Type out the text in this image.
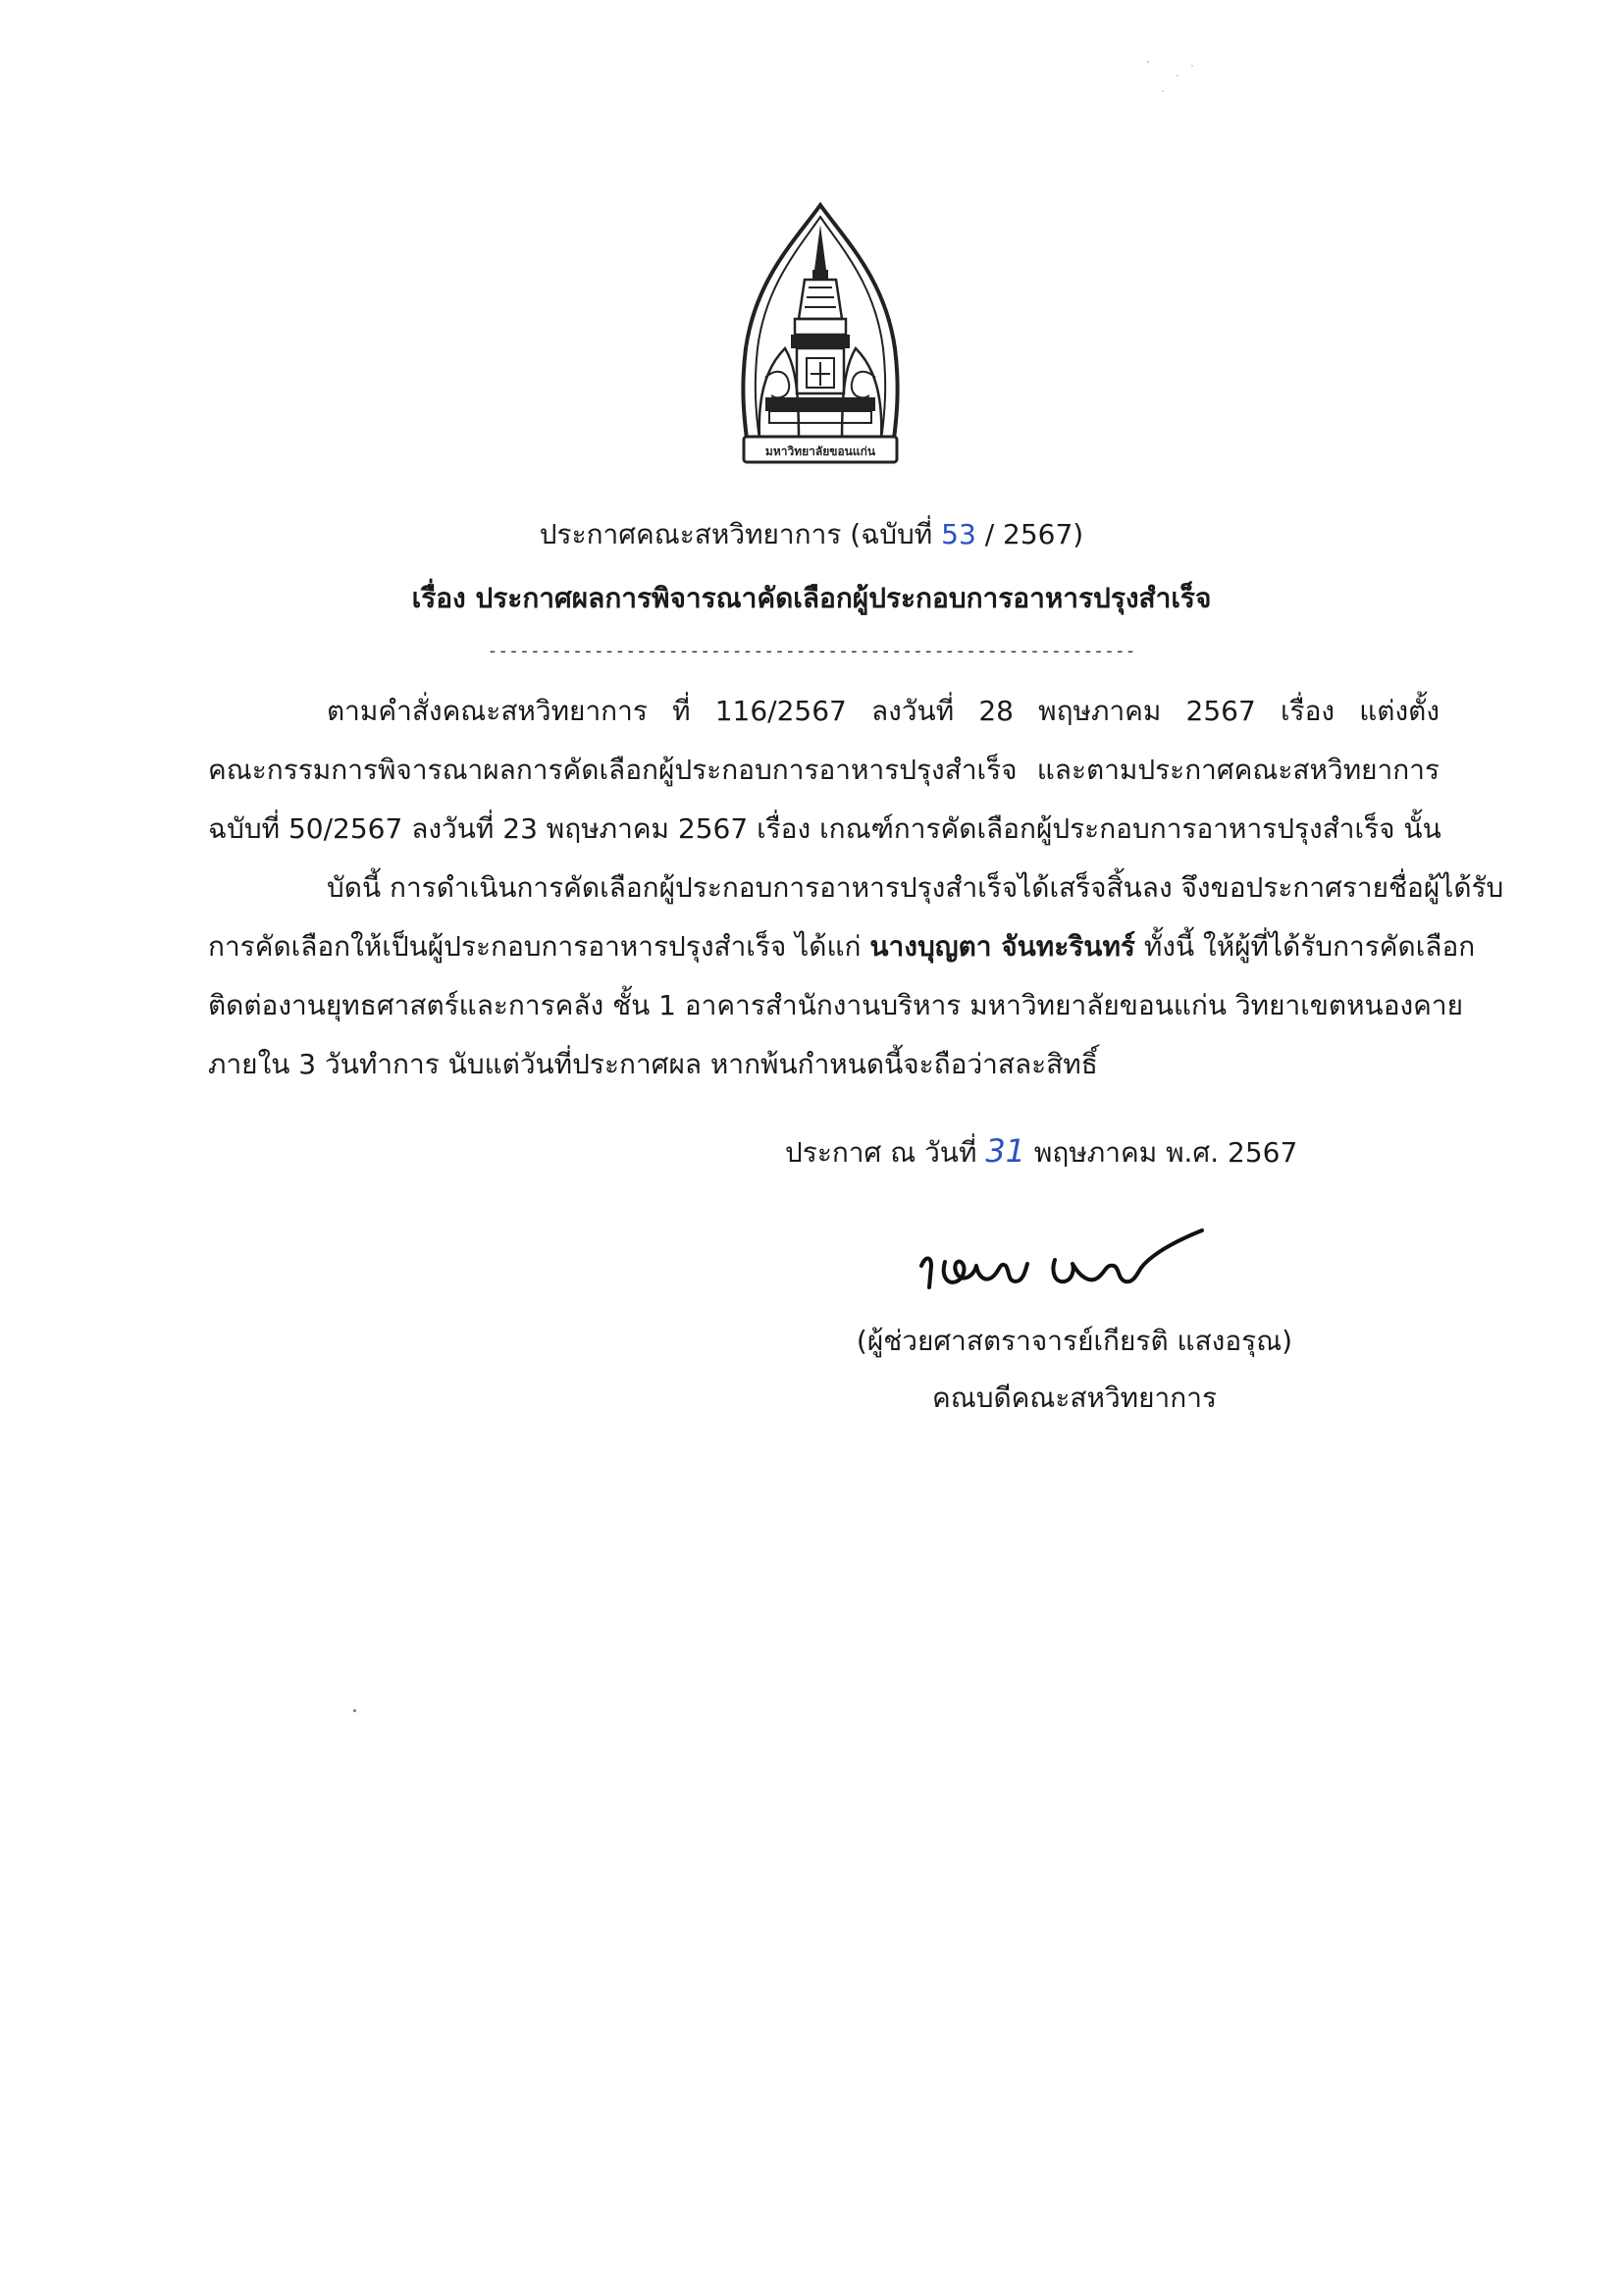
มหาวิทยาลัยขอนแก่น
ประกาศคณะสหวิทยาการ (ฉบับที่ 53 / 2567)
เรื่อง ประกาศผลการพิจารณาคัดเลือกผู้ประกอบการอาหารปรุงสำเร็จ
-------------------------------------------------------------
ตามคำสั่งคณะสหวิทยาการ ที่ 116/2567 ลงวันที่ 28 พฤษภาคม 2567 เรื่อง แต่งตั้ง
คณะกรรมการพิจารณาผลการคัดเลือกผู้ประกอบการอาหารปรุงสำเร็จ และตามประกาศคณะสหวิทยาการ
ฉบับที่ 50/2567 ลงวันที่ 23 พฤษภาคม 2567 เรื่อง เกณฑ์การคัดเลือกผู้ประกอบการอาหารปรุงสำเร็จ นั้น
บัดนี้ การดำเนินการคัดเลือกผู้ประกอบการอาหารปรุงสำเร็จได้เสร็จสิ้นลง จึงขอประกาศรายชื่อผู้ได้รับ
การคัดเลือกให้เป็นผู้ประกอบการอาหารปรุงสำเร็จ ได้แก่ นางบุญตา จันทะรินทร์ ทั้งนี้ ให้ผู้ที่ได้รับการคัดเลือก
ติดต่องานยุทธศาสตร์และการคลัง ชั้น 1 อาคารสำนักงานบริหาร มหาวิทยาลัยขอนแก่น วิทยาเขตหนองคาย
ภายใน 3 วันทำการ นับแต่วันที่ประกาศผล หากพ้นกำหนดนี้จะถือว่าสละสิทธิ์
ประกาศ ณ วันที่ 31 พฤษภาคม พ.ศ. 2567
(ผู้ช่วยศาสตราจารย์เกียรติ แสงอรุณ)
คณบดีคณะสหวิทยาการ
